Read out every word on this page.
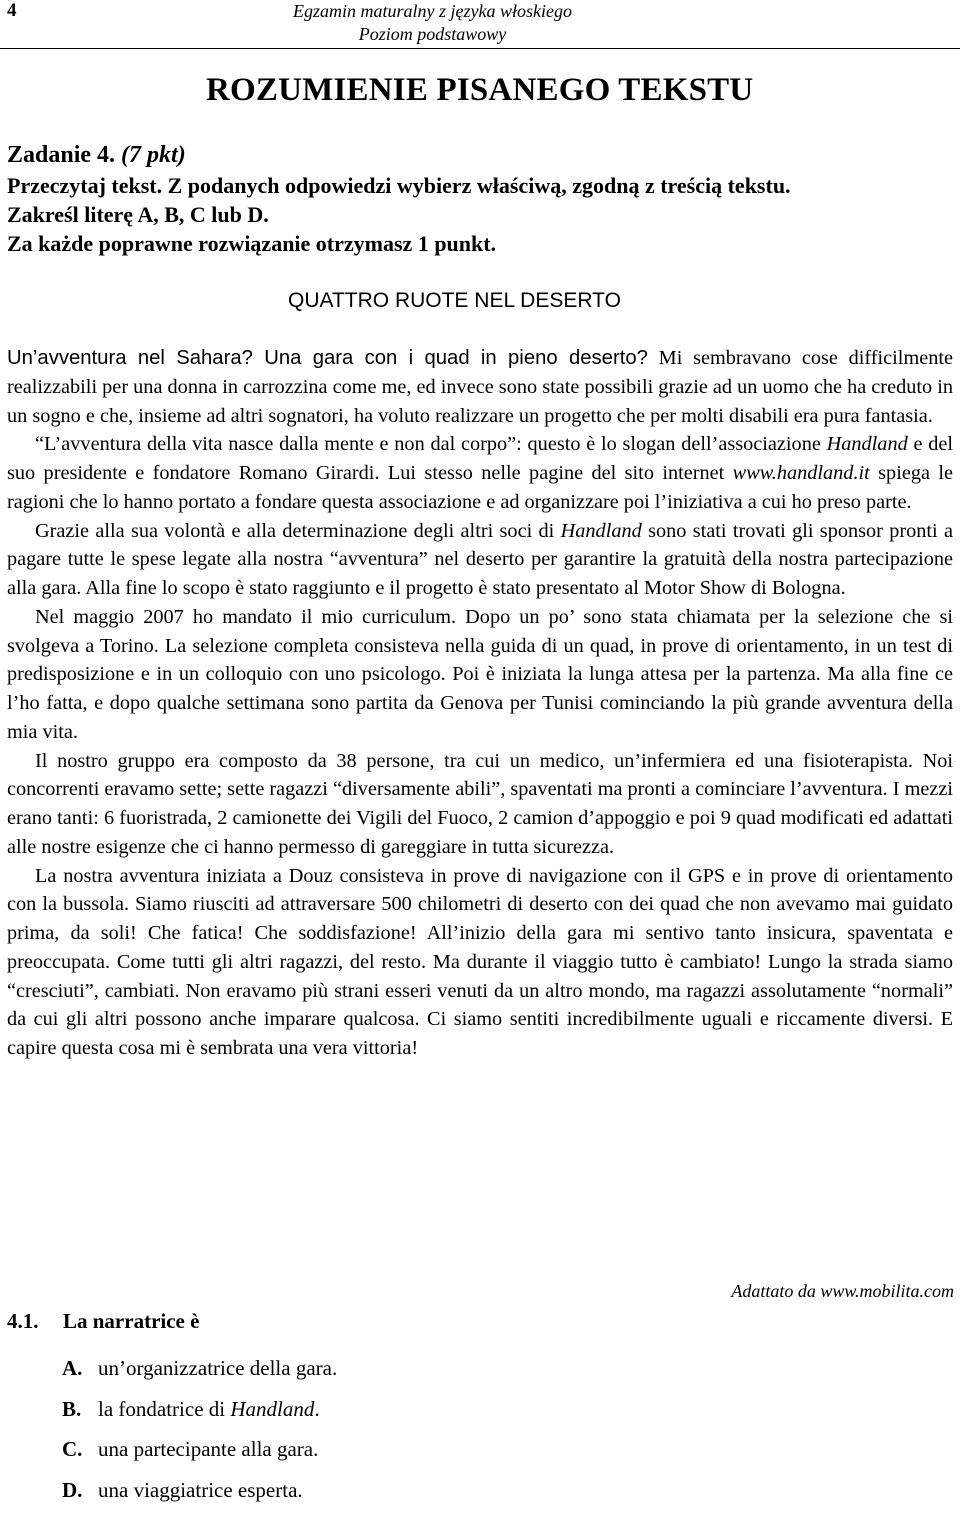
4	Egzamin maturalny z języka włoskiego
Poziom podstawowy
ROZUMIENIE PISANEGO TEKSTU
Zadanie 4. (7 pkt)
Przeczytaj tekst. Z podanych odpowiedzi wybierz właściwą, zgodną z treścią tekstu.
Zakreśl literę A, B, C lub D.
Za każde poprawne rozwiązanie otrzymasz 1 punkt.
QUATTRO RUOTE NEL DESERTO

Un’avventura nel Sahara? Una gara con i quad in pieno deserto? Mi sembravano cose difficilmente realizzabili per una donna in carrozzina come me, ed invece sono state possibili grazie ad un uomo che ha creduto in un sogno e che, insieme ad altri sognatori, ha voluto realizzare un progetto che per molti disabili era pura fantasia.

“L’avventura della vita nasce dalla mente e non dal corpo”: questo è lo slogan dell’associazione Handland e del suo presidente e fondatore Romano Girardi. Lui stesso nelle pagine del sito internet www.handland.it spiega le ragioni che lo hanno portato a fondare questa associazione e ad organizzare poi l’iniziativa a cui ho preso parte.

Grazie alla sua volontà e alla determinazione degli altri soci di Handland sono stati trovati gli sponsor pronti a pagare tutte le spese legate alla nostra “avventura” nel deserto per garantire la gratuità della nostra partecipazione alla gara. Alla fine lo scopo è stato raggiunto e il progetto è stato presentato al Motor Show di Bologna.

Nel maggio 2007 ho mandato il mio curriculum. Dopo un po’ sono stata chiamata per la selezione che si svolgeva a Torino. La selezione completa consisteva nella guida di un quad, in prove di orientamento, in un test di predisposizione e in un colloquio con uno psicologo. Poi è iniziata la lunga attesa per la partenza. Ma alla fine ce l’ho fatta, e dopo qualche settimana sono partita da Genova per Tunisi cominciando la più grande avventura della mia vita.

Il nostro gruppo era composto da 38 persone, tra cui un medico, un’infermiera ed una fisioterapista. Noi concorrenti eravamo sette; sette ragazzi “diversamente abili”, spaventati ma pronti a cominciare l’avventura. I mezzi erano tanti: 6 fuoristrada, 2 camionette dei Vigili del Fuoco, 2 camion d’appoggio e poi 9 quad modificati ed adattati alle nostre esigenze che ci hanno permesso di gareggiare in tutta sicurezza.

La nostra avventura iniziata a Douz consisteva in prove di navigazione con il GPS e in prove di orientamento con la bussola. Siamo riusciti ad attraversare 500 chilometri di deserto con dei quad che non avevamo mai guidato prima, da soli! Che fatica! Che soddisfazione! All’inizio della gara mi sentivo tanto insicura, spaventata e preoccupata. Come tutti gli altri ragazzi, del resto. Ma durante il viaggio tutto è cambiato! Lungo la strada siamo “cresciuti”, cambiati. Non eravamo più strani esseri venuti da un altro mondo, ma ragazzi assolutamente “normali” da cui gli altri possono anche imparare qualcosa. Ci siamo sentiti incredibilmente uguali e riccamente diversi. E capire questa cosa mi è sembrata una vera vittoria!

Adattato da www.mobilita.com
4.1. La narratrice è
A. un’organizzatrice della gara.
B. la fondatrice di Handland.
C. una partecipante alla gara.
D. una viaggiatrice esperta.
